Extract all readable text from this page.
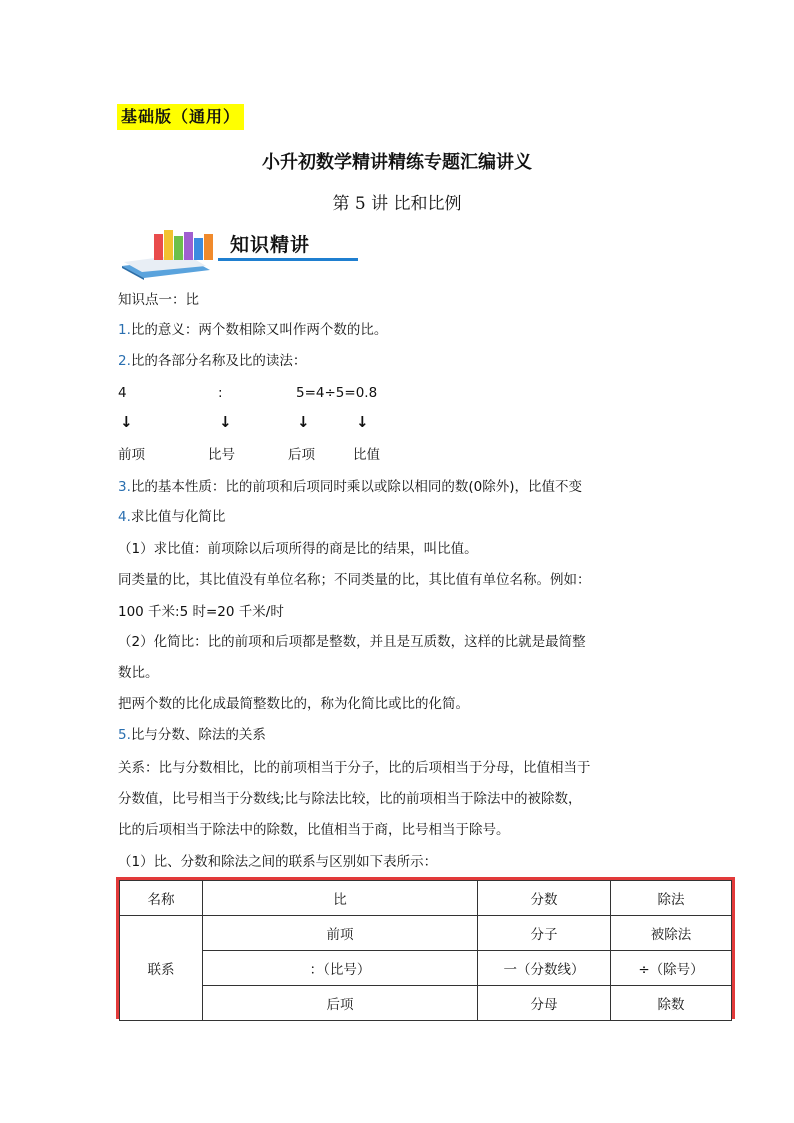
基础版（通用）
小升初数学精讲精练专题汇编讲义
第 5 讲 比和比例
知识精讲
知识点一：比
1.比的意义：两个数相除又叫作两个数的比。
2.比的各部分名称及比的读法：
4	:	5=4÷5=0.8
↓	↓	↓	↓
前项	比号	后项	比值
3.比的基本性质：比的前项和后项同时乘以或除以相同的数(0除外)，比值不变
4.求比值与化简比
（1）求比值：前项除以后项所得的商是比的结果，叫比值。
同类量的比，其比值没有单位名称；不同类量的比，其比值有单位名称。例如：
100 千米:5 时=20 千米/时
（2）化简比：比的前项和后项都是整数，并且是互质数，这样的比就是最简整
数比。
把两个数的比化成最简整数比的，称为化简比或比的化简。
5.比与分数、除法的关系
关系：比与分数相比，比的前项相当于分子，比的后项相当于分母，比值相当于
分数值，比号相当于分数线;比与除法比较，比的前项相当于除法中的被除数，
比的后项相当于除法中的除数，比值相当于商，比号相当于除号。
（1）比、分数和除法之间的联系与区别如下表所示：
名称	比	分数	除法
联系	前项	分子	被除法
	：（比号）	一（分数线）	÷（除号）
	后项	分母	除数
